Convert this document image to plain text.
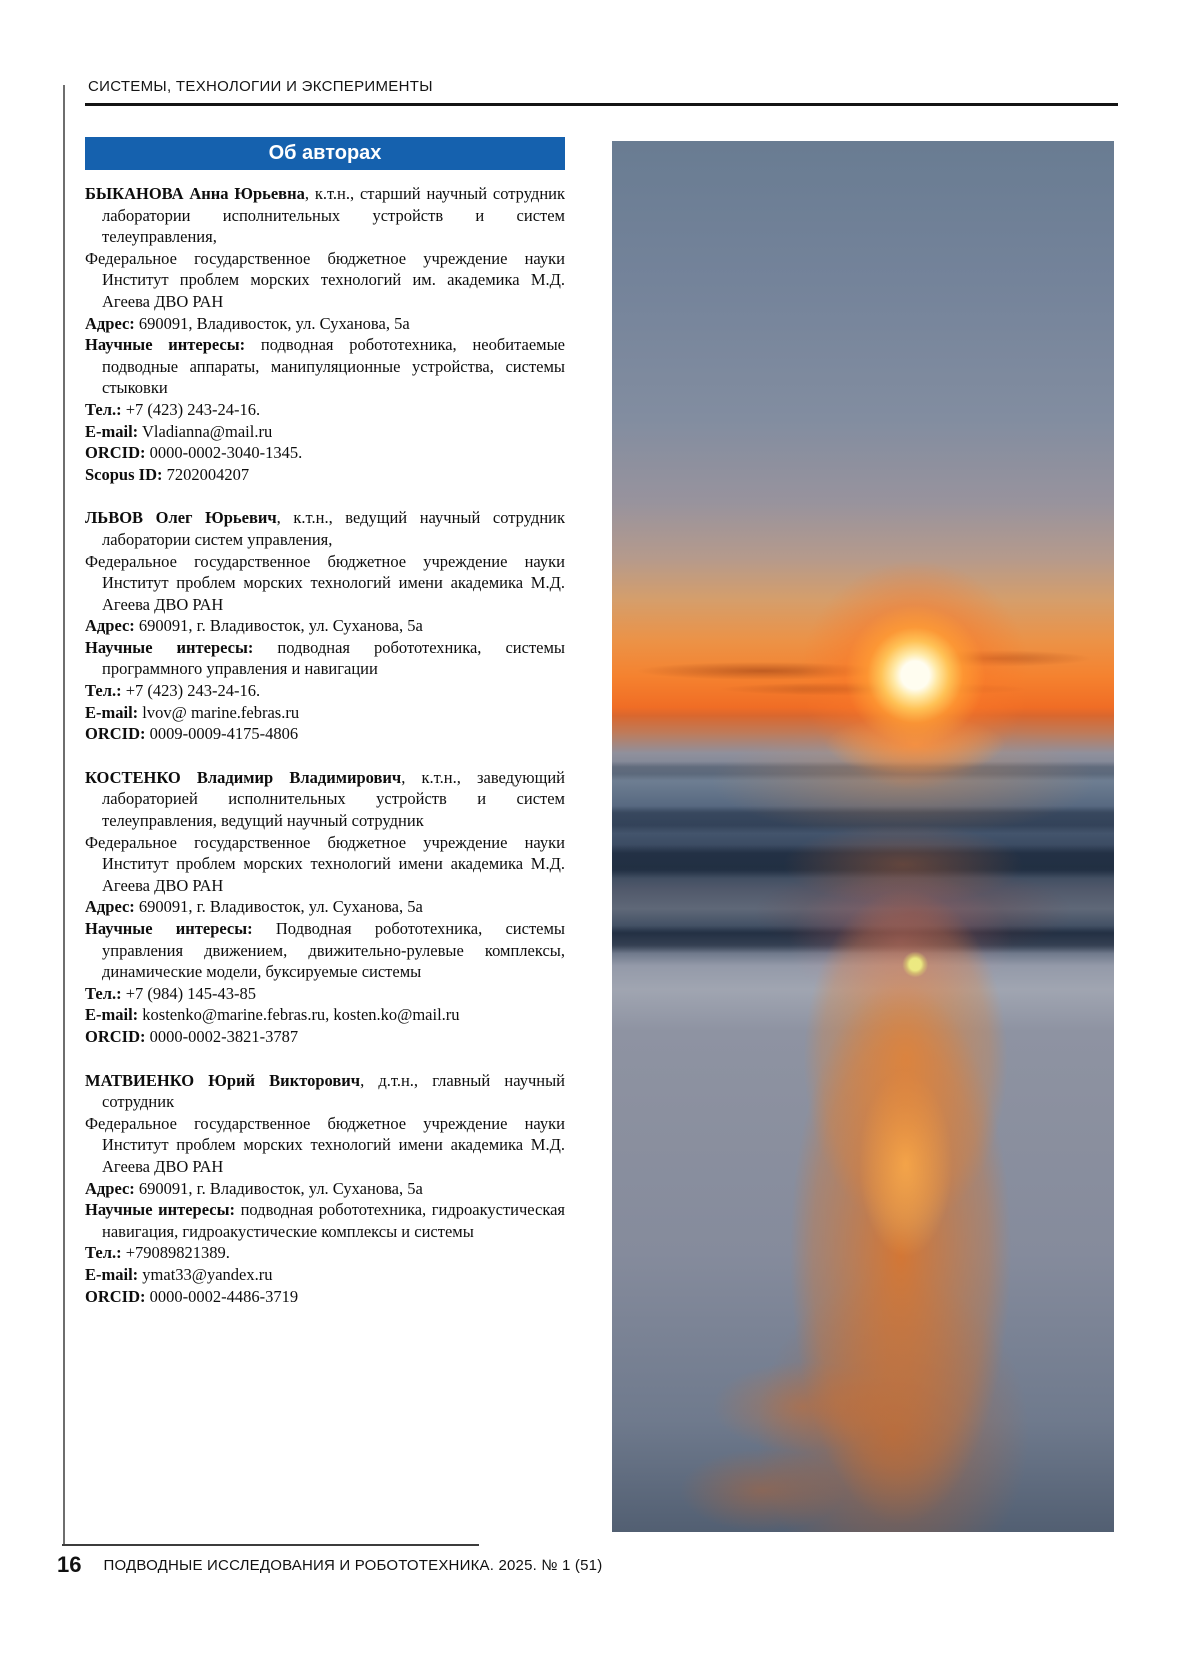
СИСТЕМЫ, ТЕХНОЛОГИИ И ЭКСПЕРИМЕНТЫ
Об авторах

БЫКАНОВА Анна Юрьевна, к.т.н., старший научный сотрудник лаборатории исполнительных устройств и систем телеуправления,

Федеральное государственное бюджетное учреждение науки Институт проблем морских технологий им. академика М.Д. Агеева ДВО РАН

Адрес: 690091, Владивосток, ул. Суханова, 5а

Научные интересы: подводная робототехника, необитаемые подводные аппараты, манипуляционные устройства, системы стыковки

Тел.: +7 (423) 243-24-16.

E-mail: Vladianna@mail.ru

ORCID: 0000-0002-3040-1345.

Scopus ID: 7202004207

ЛЬВОВ Олег Юрьевич, к.т.н., ведущий научный сотрудник лаборатории систем управления,

Федеральное государственное бюджетное учреждение науки Институт проблем морских технологий имени академика М.Д. Агеева ДВО РАН

Адрес: 690091, г. Владивосток, ул. Суханова, 5а

Научные интересы: подводная робототехника, системы программного управления и навигации

Тел.: +7 (423) 243-24-16.

E-mail: lvov@ marine.febras.ru

ORCID: 0009-0009-4175-4806

КОСТЕНКО Владимир Владимирович, к.т.н., заведующий лабораторией исполнительных устройств и систем телеуправления, ведущий научный сотрудник

Федеральное государственное бюджетное учреждение науки Институт проблем морских технологий имени академика М.Д. Агеева ДВО РАН

Адрес: 690091, г. Владивосток, ул. Суханова, 5а

Научные интересы: Подводная робототехника, системы управления движением, движительно-рулевые комплексы, динамические модели, буксируемые системы

Тел.: +7 (984) 145-43-85

E-mail: kostenko@marine.febras.ru, kosten.ko@mail.ru

ORCID: 0000-0002-3821-3787

МАТВИЕНКО Юрий Викторович, д.т.н., главный научный сотрудник

Федеральное государственное бюджетное учреждение науки Институт проблем морских технологий имени академика М.Д. Агеева ДВО РАН

Адрес: 690091, г. Владивосток, ул. Суханова, 5а

Научные интересы: подводная робототехника, гидроакустическая навигация, гидроакустические комплексы и системы

Тел.: +79089821389.

E-mail: ymat33@yandex.ru

ORCID: 0000-0002-4486-3719

16 ПОДВОДНЫЕ ИССЛЕДОВАНИЯ И РОБОТОТЕХНИКА. 2025. № 1 (51)
